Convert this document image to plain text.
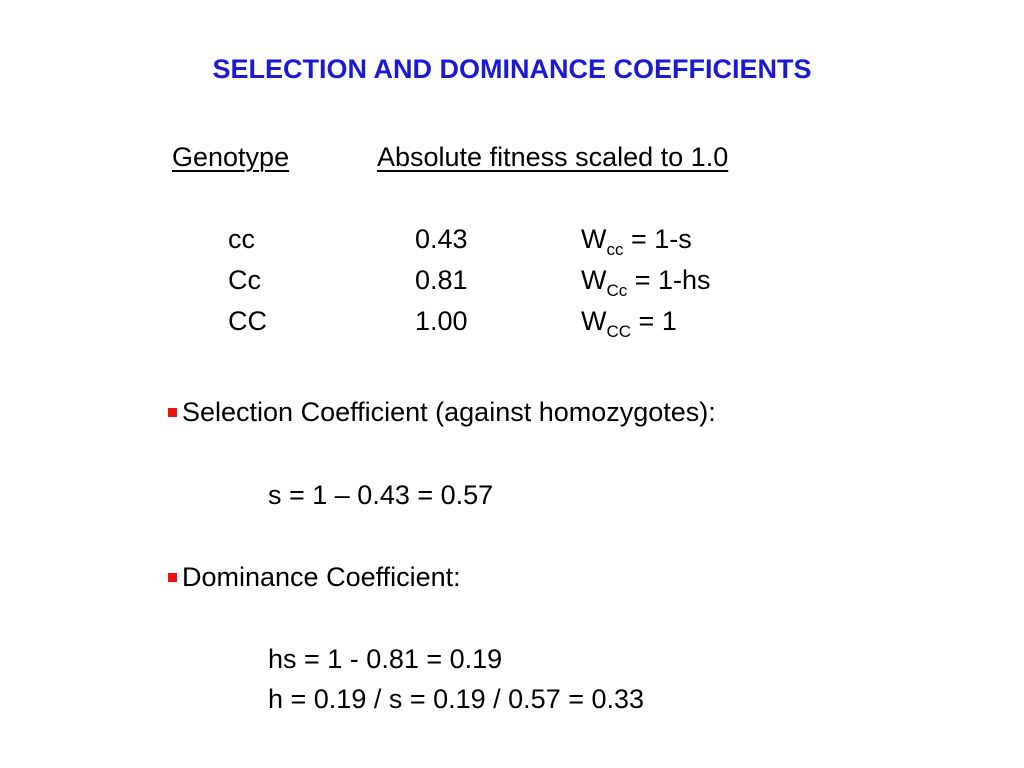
SELECTION AND DOMINANCE COEFFICIENTS
Genotype	Absolute fitness scaled to 1.0
cc	0.43	$W_{cc} = 1-s$
Cc	0.81	$W_{Cc} = 1-hs$
CC	1.00	$W_{CC} = 1$
Selection Coefficient (against homozygotes):
s = 1 – 0.43 = 0.57
Dominance Coefficient:
hs = 1 - 0.81 = 0.19
h = 0.19 / s = 0.19 / 0.57 = 0.33
